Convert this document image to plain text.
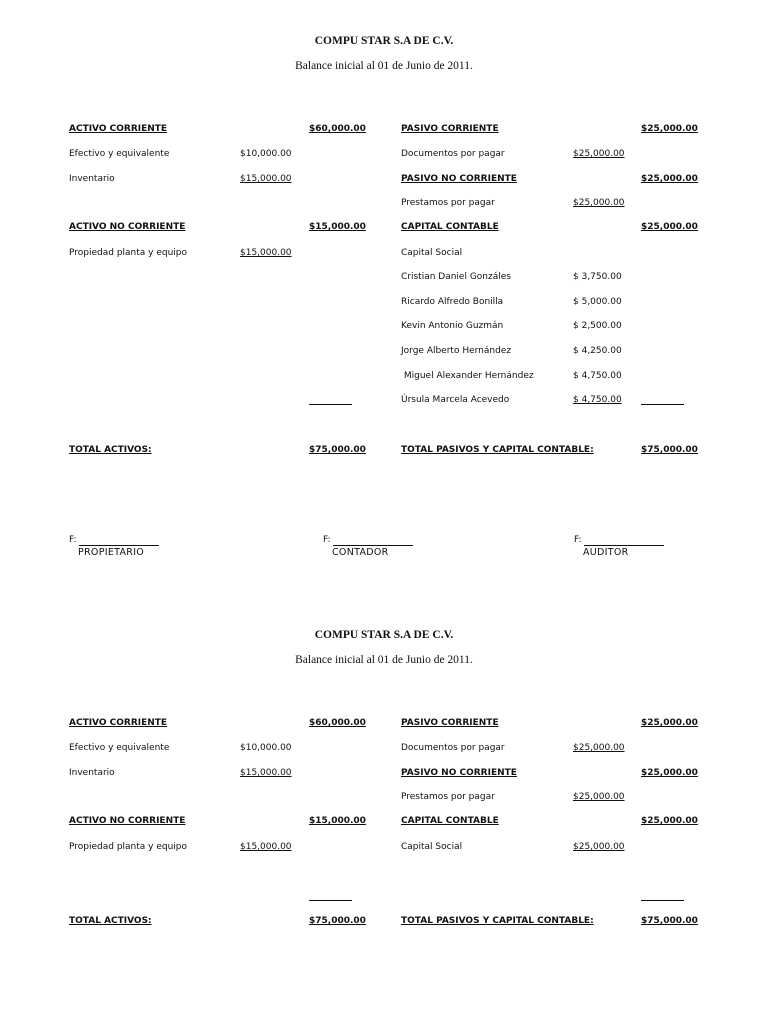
COMPU STAR S.A DE C.V.
Balance inicial al 01 de Junio de 2011.
ACTIVO CORRIENTE	$60,000.00
Efectivo y equivalente	$10,000.00
Inventario	$15,000.00
ACTIVO NO CORRIENTE	$15,000.00
Propiedad planta y equipo	$15,000.00
PASIVO CORRIENTE	$25,000.00
Documentos por pagar	$25,000.00
PASIVO NO CORRIENTE	$25,000.00
Prestamos por pagar	$25,000.00
CAPITAL CONTABLE	$25,000.00
Capital Social
Cristian Daniel Gonzáles	$ 3,750.00
Ricardo Alfredo Bonilla	$ 5,000.00
Kevin Antonio Guzmán	$ 2,500.00
Jorge Alberto Hernández	$ 4,250.00
Miguel Alexander Hernández	$ 4,750.00
Úrsula Marcela Acevedo	$ 4,750.00
TOTAL ACTIVOS:	$75,000.00	TOTAL PASIVOS Y CAPITAL CONTABLE:	$75,000.00
F:
PROPIETARIO
F:
CONTADOR
F:
AUDITOR
COMPU STAR S.A DE C.V.
Balance inicial al 01 de Junio de 2011.
ACTIVO CORRIENTE	$60,000.00
Efectivo y equivalente	$10,000.00
Inventario	$15,000.00
ACTIVO NO CORRIENTE	$15,000.00
Propiedad planta y equipo	$15,000.00
PASIVO CORRIENTE	$25,000.00
Documentos por pagar	$25,000.00
PASIVO NO CORRIENTE	$25,000.00
Prestamos por pagar	$25,000.00
CAPITAL CONTABLE	$25,000.00
Capital Social	$25,000.00
TOTAL ACTIVOS:	$75,000.00	TOTAL PASIVOS Y CAPITAL CONTABLE:	$75,000.00
